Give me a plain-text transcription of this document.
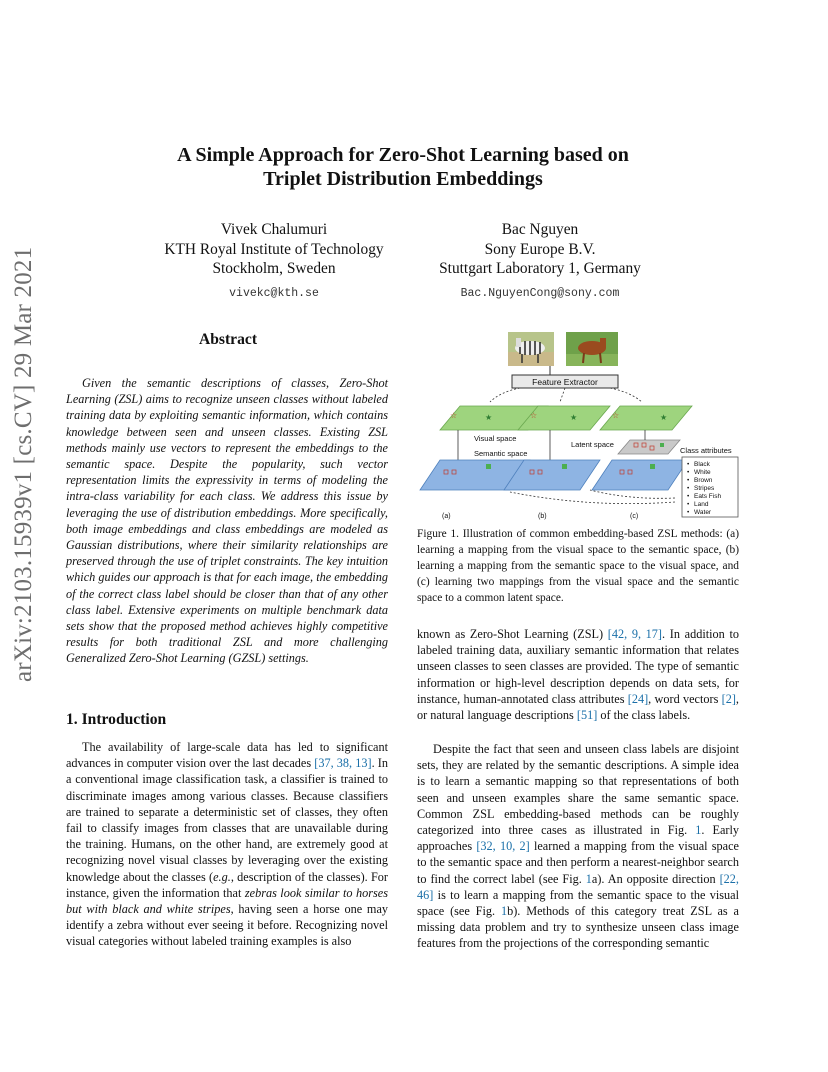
arXiv:2103.15939v1 [cs.CV] 29 Mar 2021
A Simple Approach for Zero-Shot Learning based on
Triplet Distribution Embeddings
Vivek Chalumuri
KTH Royal Institute of Technology
Stockholm, Sweden
vivekc@kth.se
Bac Nguyen
Sony Europe B.V.
Stuttgart Laboratory 1, Germany
Bac.NguyenCong@sony.com
Abstract
Given the semantic descriptions of classes, Zero-Shot Learning (ZSL) aims to recognize unseen classes without labeled training data by exploiting semantic information, which contains knowledge between seen and unseen classes. Existing ZSL methods mainly use vectors to represent the embeddings to the semantic space. Despite the popularity, such vector representation limits the expressivity in terms of modeling the intra-class variability for each class. We address this issue by leveraging the use of distribution embeddings. More specifically, both image embeddings and class embeddings are modeled as Gaussian distributions, where their similarity relationships are preserved through the use of triplet constraints. The key intuition which guides our approach is that for each image, the embedding of the correct class label should be closer than that of any other class label. Extensive experiments on multiple benchmark data sets show that the proposed method achieves highly competitive results for both traditional ZSL and more challenging Generalized Zero-Shot Learning (GZSL) settings.
1. Introduction
The availability of large-scale data has led to significant advances in computer vision over the last decades [37, 38, 13]. In a conventional image classification task, a classifier is trained to discriminate images among various classes. Because classifiers are trained to separate a deterministic set of classes, they often fail to classify images from classes that are unavailable during the training. Humans, on the other hand, are extremely good at recognizing novel visual classes by leveraging over the existing knowledge about the classes (e.g., description of the classes). For instance, given the information that zebras look similar to horses but with black and white stripes, having seen a horse one may identify a zebra without ever seeing it before. Recognizing novel visual categories without labeled training examples is also
Feature Extractor
☆	★	☆	★	☆	★
Visual space
Semantic space
Latent space
Class attributes
• Black
• White
• Brown
• Stripes
• Eats Fish
• Land
• Water
(a)	(b)	(c)
Figure 1. Illustration of common embedding-based ZSL methods: (a) learning a mapping from the visual space to the semantic space, (b) learning a mapping from the semantic space to the visual space, and (c) learning two mappings from the visual space and the semantic space to a common latent space.
known as Zero-Shot Learning (ZSL) [42, 9, 17]. In addition to labeled training data, auxiliary semantic information that relates unseen classes to seen classes are provided. The type of semantic information or high-level description depends on data sets, for instance, human-annotated class attributes [24], word vectors [2], or natural language descriptions [51] of the class labels.
Despite the fact that seen and unseen class labels are disjoint sets, they are related by the semantic descriptions. A simple idea is to learn a semantic mapping so that representations of both seen and unseen examples share the same semantic space. Common ZSL embedding-based methods can be roughly categorized into three cases as illustrated in Fig. 1. Early approaches [32, 10, 2] learned a mapping from the visual space to the semantic space and then perform a nearest-neighbor search to find the correct label (see Fig. 1a). An opposite direction [22, 46] is to learn a mapping from the semantic space to the visual space (see Fig. 1b). Methods of this category treat ZSL as a missing data problem and try to synthesize unseen class image features from the projections of the corresponding semantic
